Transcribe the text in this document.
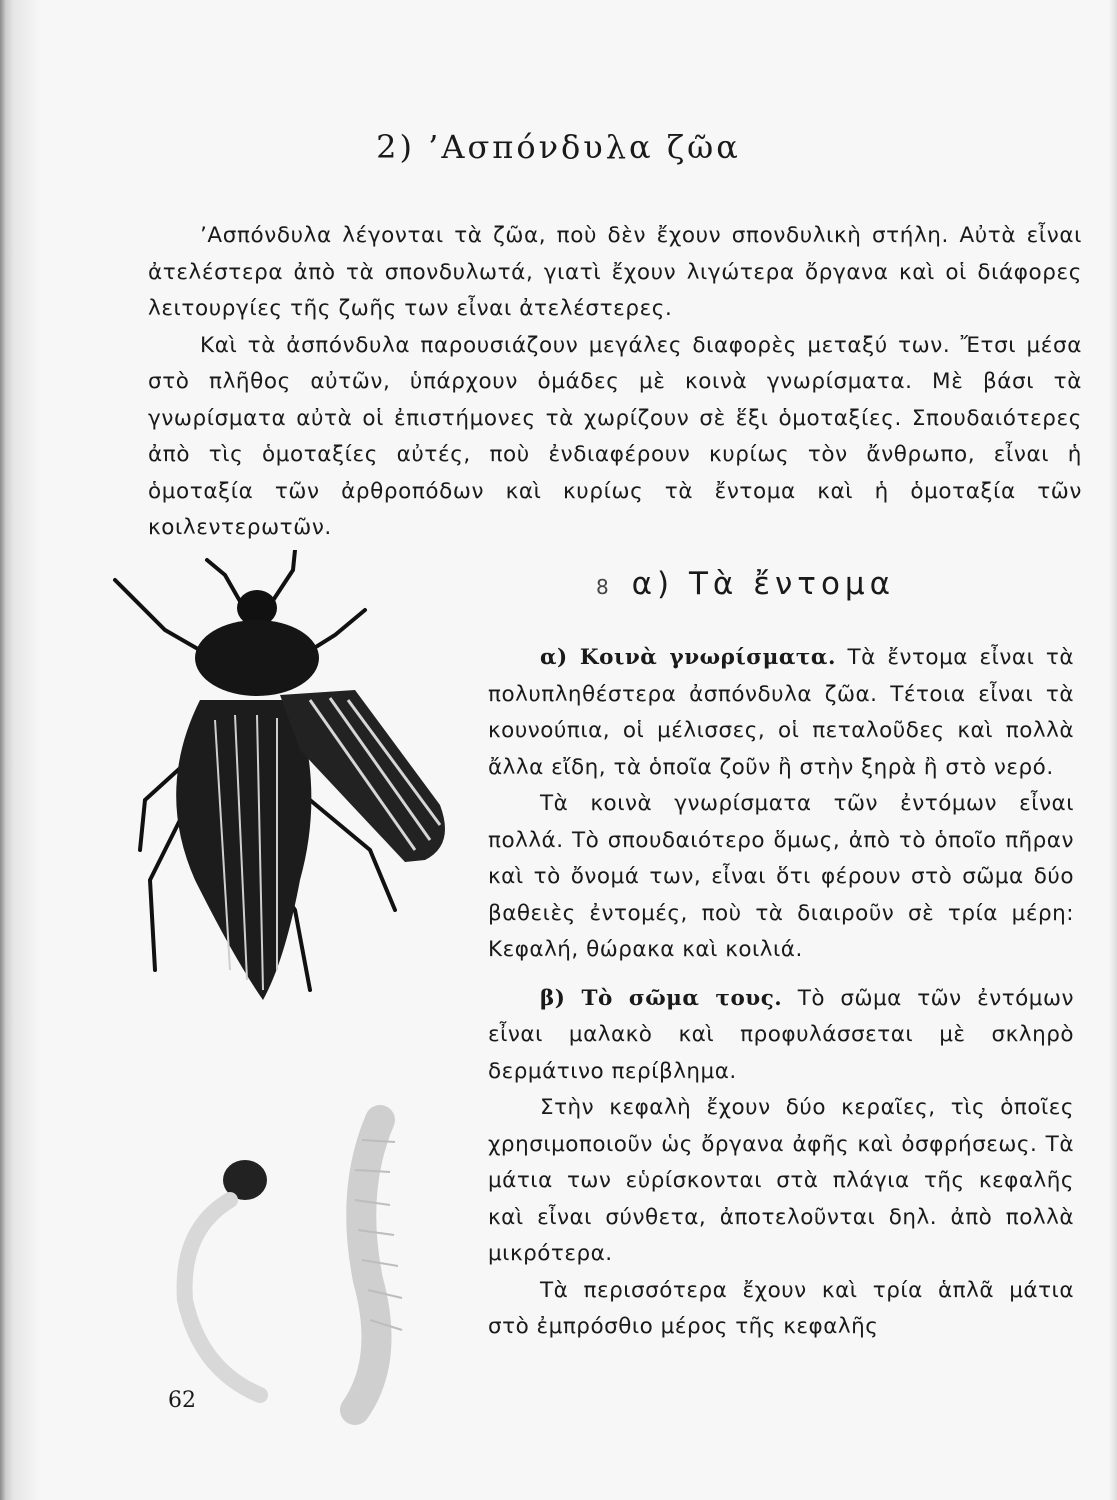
2) ’Ασπόνδυλα ζῶα

’Ασπόνδυλα λέγονται τὰ ζῶα, ποὺ δὲν ἔχουν σπονδυλικὴ στήλη. Αὐτὰ εἶναι ἀτελέστερα ἀπὸ τὰ σπονδυλωτά, γιατὶ ἔχουν λιγώτερα ὄργανα καὶ οἱ διάφορες λειτουργίες τῆς ζωῆς των εἶναι ἀτελέστερες.

Καὶ τὰ ἀσπόνδυλα παρουσιάζουν μεγάλες διαφορὲς μεταξύ των. Ἔτσι μέσα στὸ πλῆθος αὐτῶν, ὑπάρχουν ὁμάδες μὲ κοινὰ γνωρίσματα. Μὲ βάσι τὰ γνωρίσματα αὐτὰ οἱ ἐπιστήμονες τὰ χωρίζουν σὲ ἕξι ὁμοταξίες. Σπουδαιότερες ἀπὸ τὶς ὁμοταξίες αὐτές, ποὺ ἐνδιαφέρουν κυρίως τὸν ἄνθρωπο, εἶναι ἡ ὁμοταξία τῶν ἀρθροπόδων καὶ κυρίως τὰ ἔντομα καὶ ἡ ὁμοταξία τῶν κοιλεντερωτῶν.

8 α) Τὰ ἔντομα

α) Κοινὰ γνωρίσματα. Τὰ ἔντομα εἶναι τὰ πολυπληθέστερα ἀσπόνδυλα ζῶα. Τέτοια εἶναι τὰ κουνούπια, οἱ μέλισσες, οἱ πεταλοῦδες καὶ πολλὰ ἄλλα εἴδη, τὰ ὁποῖα ζοῦν ἢ στὴν ξηρὰ ἢ στὸ νερό.

Τὰ κοινὰ γνωρίσματα τῶν ἐντόμων εἶναι πολλά. Τὸ σπουδαιότερο ὅμως, ἀπὸ τὸ ὁποῖο πῆραν καὶ τὸ ὄνομά των, εἶναι ὅτι φέρουν στὸ σῶμα δύο βαθειὲς ἐντομές, ποὺ τὰ διαιροῦν σὲ τρία μέρη: Κεφαλή, θώρακα καὶ κοιλιά.

β) Τὸ σῶμα τους. Τὸ σῶμα τῶν ἐντόμων εἶναι μαλακὸ καὶ προφυλάσσεται μὲ σκληρὸ δερμάτινο περίβλημα.

Στὴν κεφαλὴ ἔχουν δύο κεραῖες, τὶς ὁποῖες χρησιμοποιοῦν ὡς ὄργανα ἀφῆς καὶ ὀσφρήσεως. Τὰ μάτια των εὑρίσκονται στὰ πλάγια τῆς κεφαλῆς καὶ εἶναι σύνθετα, ἀποτελοῦνται δηλ. ἀπὸ πολλὰ μικρότερα.

Τὰ περισσότερα ἔχουν καὶ τρία ἁπλᾶ μάτια στὸ ἐμπρόσθιο μέρος τῆς κεφαλῆς

62
